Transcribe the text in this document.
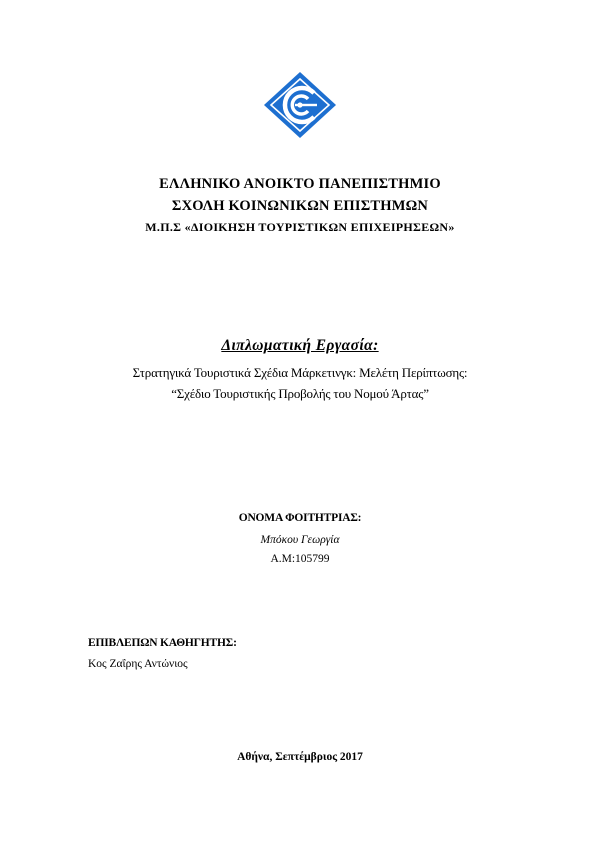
ΕΛΛΗΝΙΚΟ ΑΝΟΙΚΤΟ ΠΑΝΕΠΙΣΤΗΜΙΟ
ΣΧΟΛΗ ΚΟΙΝΩΝΙΚΩΝ ΕΠΙΣΤΗΜΩΝ
Μ.Π.Σ «ΔΙΟΙΚΗΣΗ ΤΟΥΡΙΣΤΙΚΩΝ ΕΠΙΧΕΙΡΗΣΕΩΝ»
Διπλωματική Εργασία:
Στρατηγικά Τουριστικά Σχέδια Μάρκετινγκ: Μελέτη Περίπτωσης:
“Σχέδιο Τουριστικής Προβολής του Νομού Άρτας”
ΟΝΟΜΑ ΦΟΙΤΗΤΡΙΑΣ:
Μπόκου Γεωργία
Α.Μ:105799
ΕΠΙΒΛΕΠΩΝ ΚΑΘΗΓΗΤΗΣ:
Κος Ζαΐρης Αντώνιος
Αθήνα, Σεπτέμβριος 2017
